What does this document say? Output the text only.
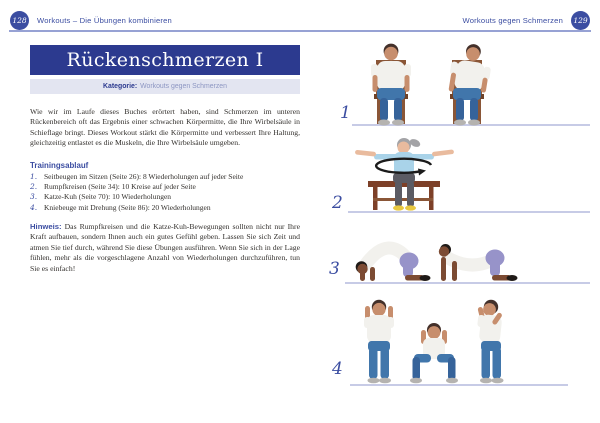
128	Workouts – Die Übungen kombinieren	Workouts gegen Schmerzen	129
Rückenschmerzen I
Kategorie: Workouts gegen Schmerzen
Wie wir im Laufe dieses Buches erörtert haben, sind Schmerzen im unteren Rückenbereich oft das Ergebnis einer schwachen Körpermitte, die Ihre Wirbelsäule in Schieflage bringt. Dieses Workout stärkt die Körpermitte und verbessert Ihre Haltung, gleichzeitig entlastet es die Muskeln, die Ihre Wirbelsäule umgeben.
Trainingsablauf
1. Seitbeugen im Sitzen (Seite 26): 8 Wiederholungen auf jeder Seite
2. Rumpfkreisen (Seite 34): 10 Kreise auf jeder Seite
3. Katze-Kuh (Seite 70): 10 Wiederholungen
4. Kniebeuge mit Drehung (Seite 86): 20 Wiederholungen
Hinweis: Das Rumpfkreisen und die Katze-Kuh-Bewegungen sollten nicht nur Ihre Kraft aufbauen, sondern Ihnen auch ein gutes Gefühl geben. Lassen Sie sich Zeit und atmen Sie tief durch, während Sie diese Übungen ausführen. Wenn Sie sich in der Lage fühlen, mehr als die vorgeschlagene Anzahl von Wiederholungen durchzuführen, tun Sie es einfach!
1
2
3
4
